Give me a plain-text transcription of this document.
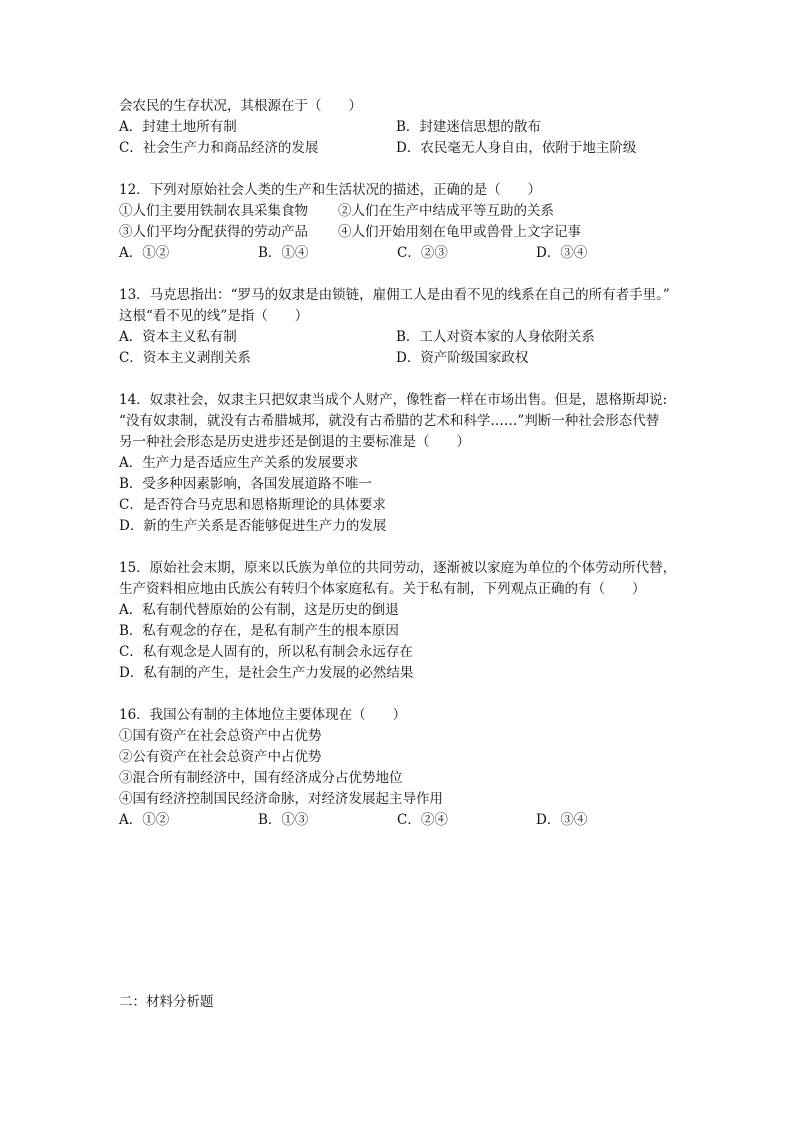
会农民的生存状况，其根源在于（　　）
A．封建土地所有制	B．封建迷信思想的散布
C．社会生产力和商品经济的发展	D．农民毫无人身自由，依附于地主阶级
12．下列对原始社会人类的生产和生活状况的描述，正确的是（　　）
①人们主要用铁制农具采集食物	②人们在生产中结成平等互助的关系
③人们平均分配获得的劳动产品	④人们开始用刻在龟甲或兽骨上文字记事
A．①②	B．①④	C．②③	D．③④
13．马克思指出：“罗马的奴隶是由锁链，雇佣工人是由看不见的线系在自己的所有者手里。”
这根“看不见的线”是指（　　）
A．资本主义私有制	B．工人对资本家的人身依附关系
C．资本主义剥削关系	D．资产阶级国家政权
14．奴隶社会，奴隶主只把奴隶当成个人财产，像牲畜一样在市场出售。但是，恩格斯却说:
“没有奴隶制，就没有古希腊城邦，就没有古希腊的艺术和科学……”判断一种社会形态代替
另一种社会形态是历史进步还是倒退的主要标准是（　　）
A．生产力是否适应生产关系的发展要求
B．受多种因素影响，各国发展道路不唯一
C．是否符合马克思和恩格斯理论的具体要求
D．新的生产关系是否能够促进生产力的发展
15．原始社会末期，原来以氏族为单位的共同劳动，逐渐被以家庭为单位的个体劳动所代替，
生产资料相应地由氏族公有转归个体家庭私有。关于私有制，下列观点正确的有（　　）
A．私有制代替原始的公有制，这是历史的倒退
B．私有观念的存在，是私有制产生的根本原因
C．私有观念是人固有的，所以私有制会永远存在
D．私有制的产生，是社会生产力发展的必然结果
16．我国公有制的主体地位主要体现在（　　）
①国有资产在社会总资产中占优势
②公有资产在社会总资产中占优势
③混合所有制经济中，国有经济成分占优势地位
④国有经济控制国民经济命脉，对经济发展起主导作用
A．①②	B．①③	C．②④	D．③④
二：材料分析题
